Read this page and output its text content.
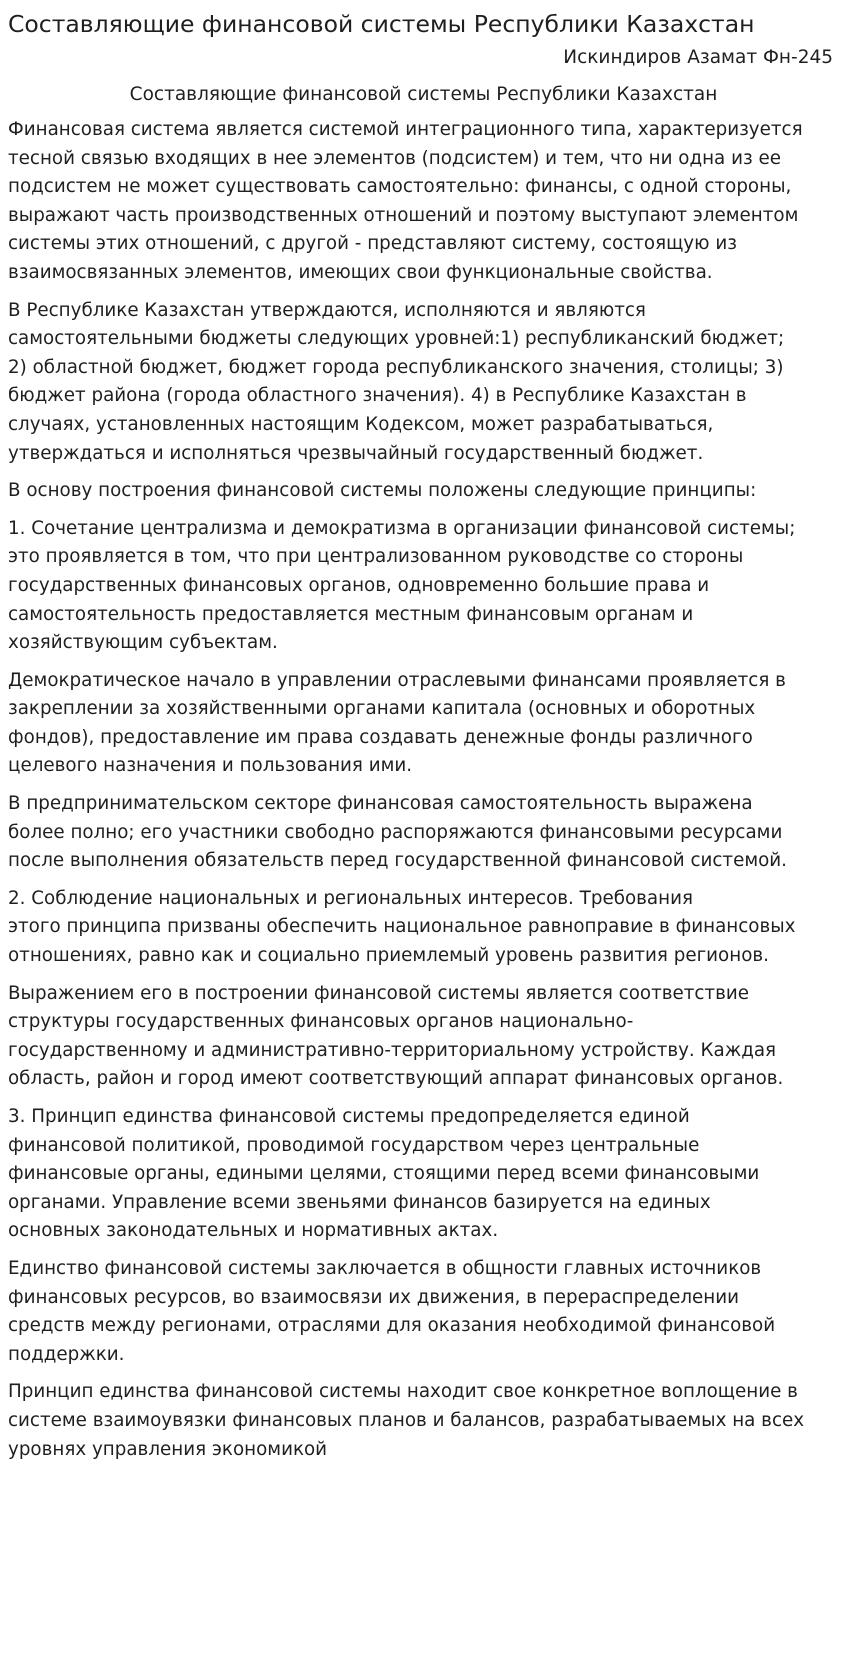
Составляющие финансовой системы Республики Казахстан
Искиндиров Азамат Фн-245
Составляющие финансовой системы Республики Казахстан

Финансовая система является системой интеграционного типа, характеризуется
тесной связью входящих в нее элементов (подсистем) и тем, что ни одна из ее
подсистем не может существовать самостоятельно: финансы, с одной стороны,
выражают часть производственных отношений и поэтому выступают элементом
системы этих отношений, с другой - представляют систему, состоящую из
взаимосвязанных элементов, имеющих свои функциональные свойства.

В Республике Казахстан утверждаются, исполняются и являются
самостоятельными бюджеты следующих уровней:1) республиканский бюджет;
2) областной бюджет, бюджет города республиканского значения, столицы; 3)
бюджет района (города областного значения). 4) в Республике Казахстан в
случаях, установленных настоящим Кодексом, может разрабатываться,
утверждаться и исполняться чрезвычайный государственный бюджет.

В основу построения финансовой системы положены следующие принципы:

1. Сочетание централизма и демократизма в организации финансовой системы;
это проявляется в том, что при централизованном руководстве со стороны
государственных финансовых органов, одновременно большие права и
самостоятельность предоставляется местным финансовым органам и
хозяйствующим субъектам.

Демократическое начало в управлении отраслевыми финансами проявляется в
закреплении за хозяйственными органами капитала (основных и оборотных
фондов), предоставление им права создавать денежные фонды различного
целевого назначения и пользования ими.

В предпринимательском секторе финансовая самостоятельность выражена
более полно; его участники свободно распоряжаются финансовыми ресурсами
после выполнения обязательств перед государственной финансовой системой.

2. Соблюдение национальных и региональных интересов. Требования
этого принципа призваны обеспечить национальное равноправие в финансовых
отношениях, равно как и социально приемлемый уровень развития регионов.

Выражением его в построении финансовой системы является соответствие
структуры государственных финансовых органов национально-
государственному и административно-территориальному устройству. Каждая
область, район и город имеют соответствующий аппарат финансовых органов.

3. Принцип единства финансовой системы предопределяется единой
финансовой политикой, проводимой государством через центральные
финансовые органы, едиными целями, стоящими перед всеми финансовыми
органами. Управление всеми звеньями финансов базируется на единых
основных законодательных и нормативных актах.

Единство финансовой системы заключается в общности главных источников
финансовых ресурсов, во взаимосвязи их движения, в перераспределении
средств между регионами, отраслями для оказания необходимой финансовой
поддержки.

Принцип единства финансовой системы находит свое конкретное воплощение в
системе взаимоувязки финансовых планов и балансов, разрабатываемых на всех
уровнях управления экономикой
